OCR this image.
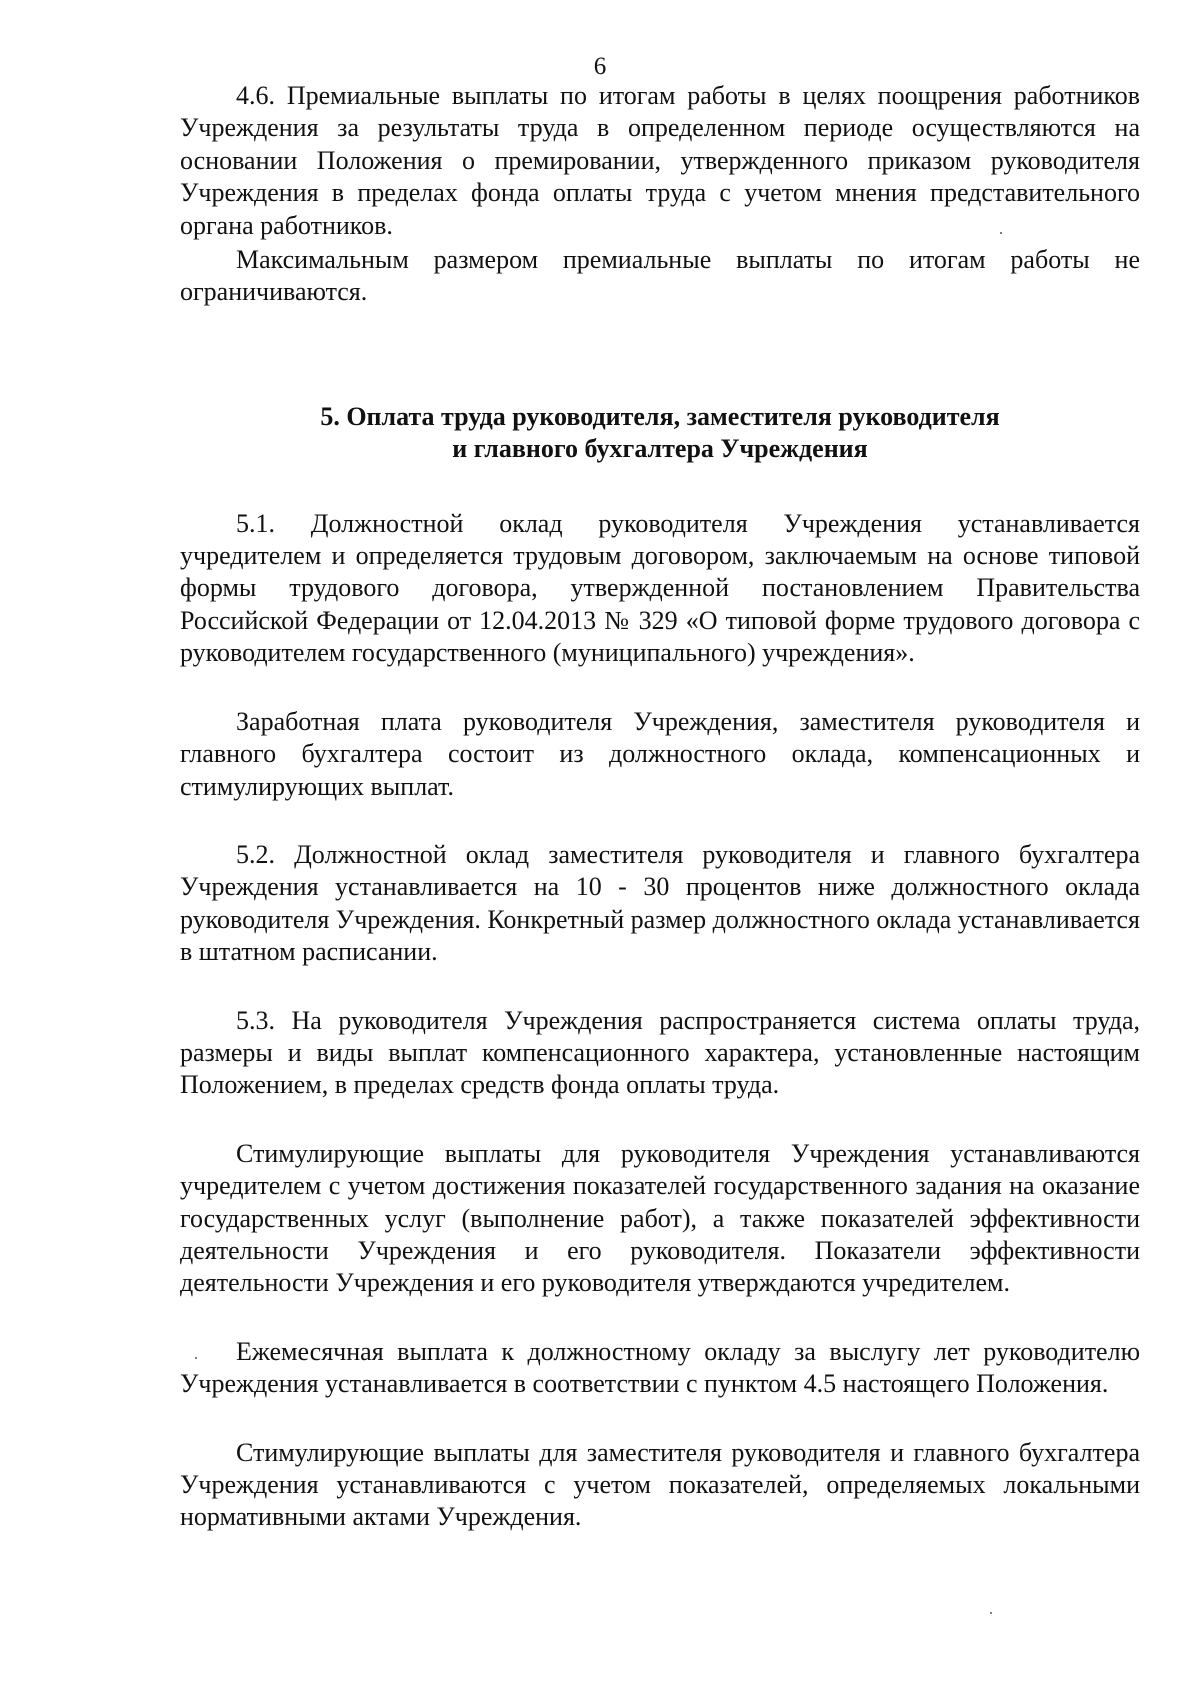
6

4.6. Премиальные выплаты по итогам работы в целях поощрения работников Учреждения за результаты труда в определенном периоде осуществляются на основании Положения о премировании, утвержденного приказом руководителя Учреждения в пределах фонда оплаты труда с учетом мнения представительного органа работников.

Максимальным размером премиальные выплаты по итогам работы не ограничиваются.

5. Оплата труда руководителя, заместителя руководителя

и главного бухгалтера Учреждения

5.1. Должностной оклад руководителя Учреждения устанавливается учредителем и определяется трудовым договором, заключаемым на основе типовой формы трудового договора, утвержденной постановлением Правительства Российской Федерации от 12.04.2013 № 329 «О типовой форме трудового договора с руководителем государственного (муниципального) учреждения».

Заработная плата руководителя Учреждения, заместителя руководителя и главного бухгалтера состоит из должностного оклада, компенсационных и стимулирующих выплат.

5.2. Должностной оклад заместителя руководителя и главного бухгалтера Учреждения устанавливается на 10 - 30 процентов ниже должностного оклада руководителя Учреждения. Конкретный размер должностного оклада устанавливается в штатном расписании.

5.3. На руководителя Учреждения распространяется система оплаты труда, размеры и виды выплат компенсационного характера, установленные настоящим Положением, в пределах средств фонда оплаты труда.

Стимулирующие выплаты для руководителя Учреждения устанавливаются учредителем с учетом достижения показателей государственного задания на оказание государственных услуг (выполнение работ), а также показателей эффективности деятельности Учреждения и его руководителя. Показатели эффективности деятельности Учреждения и его руководителя утверждаются учредителем.

Ежемесячная выплата к должностному окладу за выслугу лет руководителю Учреждения устанавливается в соответствии с пунктом 4.5 настоящего Положения.

Стимулирующие выплаты для заместителя руководителя и главного бухгалтера Учреждения устанавливаются с учетом показателей, определяемых локальными нормативными актами Учреждения.
